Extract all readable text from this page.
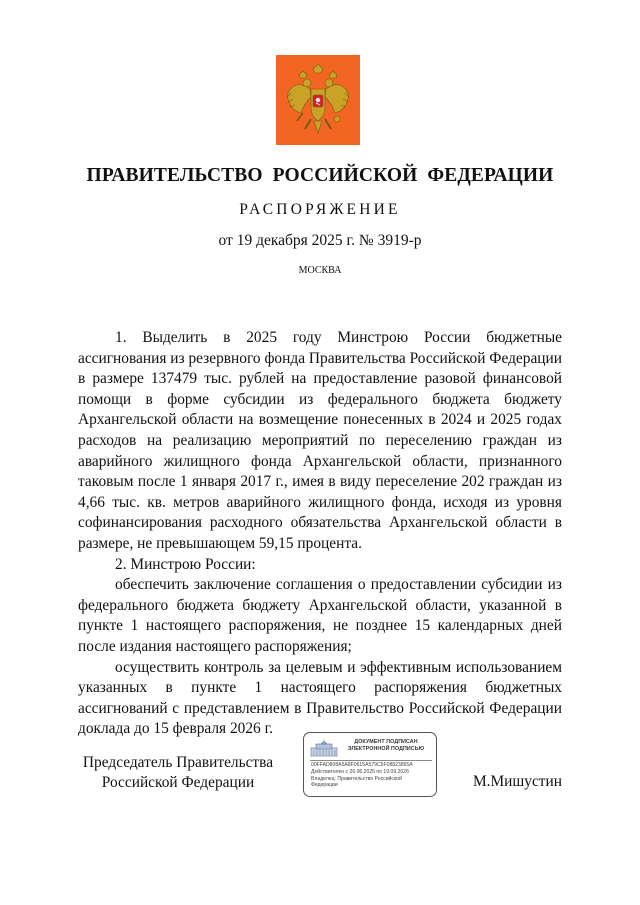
ПРАВИТЕЛЬСТВО РОССИЙСКОЙ ФЕДЕРАЦИИ
РАСПОРЯЖЕНИЕ
от 19 декабря 2025 г. № 3919-р
МОСКВА

1. Выделить в 2025 году Минстрою России бюджетные ассигнования из резервного фонда Правительства Российской Федерации в размере 137479 тыс. рублей на предоставление разовой финансовой помощи в форме субсидии из федерального бюджета бюджету Архангельской области на возмещение понесенных в 2024 и 2025 годах расходов на реализацию мероприятий по переселению граждан из аварийного жилищного фонда Архангельской области, признанного таковым после 1 января 2017 г., имея в виду переселение 202 граждан из 4,66 тыс. кв. метров аварийного жилищного фонда, исходя из уровня софинансирования расходного обязательства Архангельской области в размере, не превышающем 59,15 процента.

2. Минстрою России:

обеспечить заключение соглашения о предоставлении субсидии из федерального бюджета бюджету Архангельской области, указанной в пункте 1 настоящего распоряжения, не позднее 15 календарных дней после издания настоящего распоряжения;

осуществить контроль за целевым и эффективным использованием указанных в пункте 1 настоящего распоряжения бюджетных ассигнований с представлением в Правительство Российской Федерации доклада до 15 февраля 2026 г.

Председатель Правительства
Российской Федерации
ДОКУМЕНТ ПОДПИСАН
ЭЛЕКТРОННОЙ ПОДПИСЬЮ
00FFAD808A5A8F0615A579C5F08823865A
Действителен с 26.06.2025 по 19.09.2026
Владелец: Правительство Российской
Федерации	М.Мишустин
